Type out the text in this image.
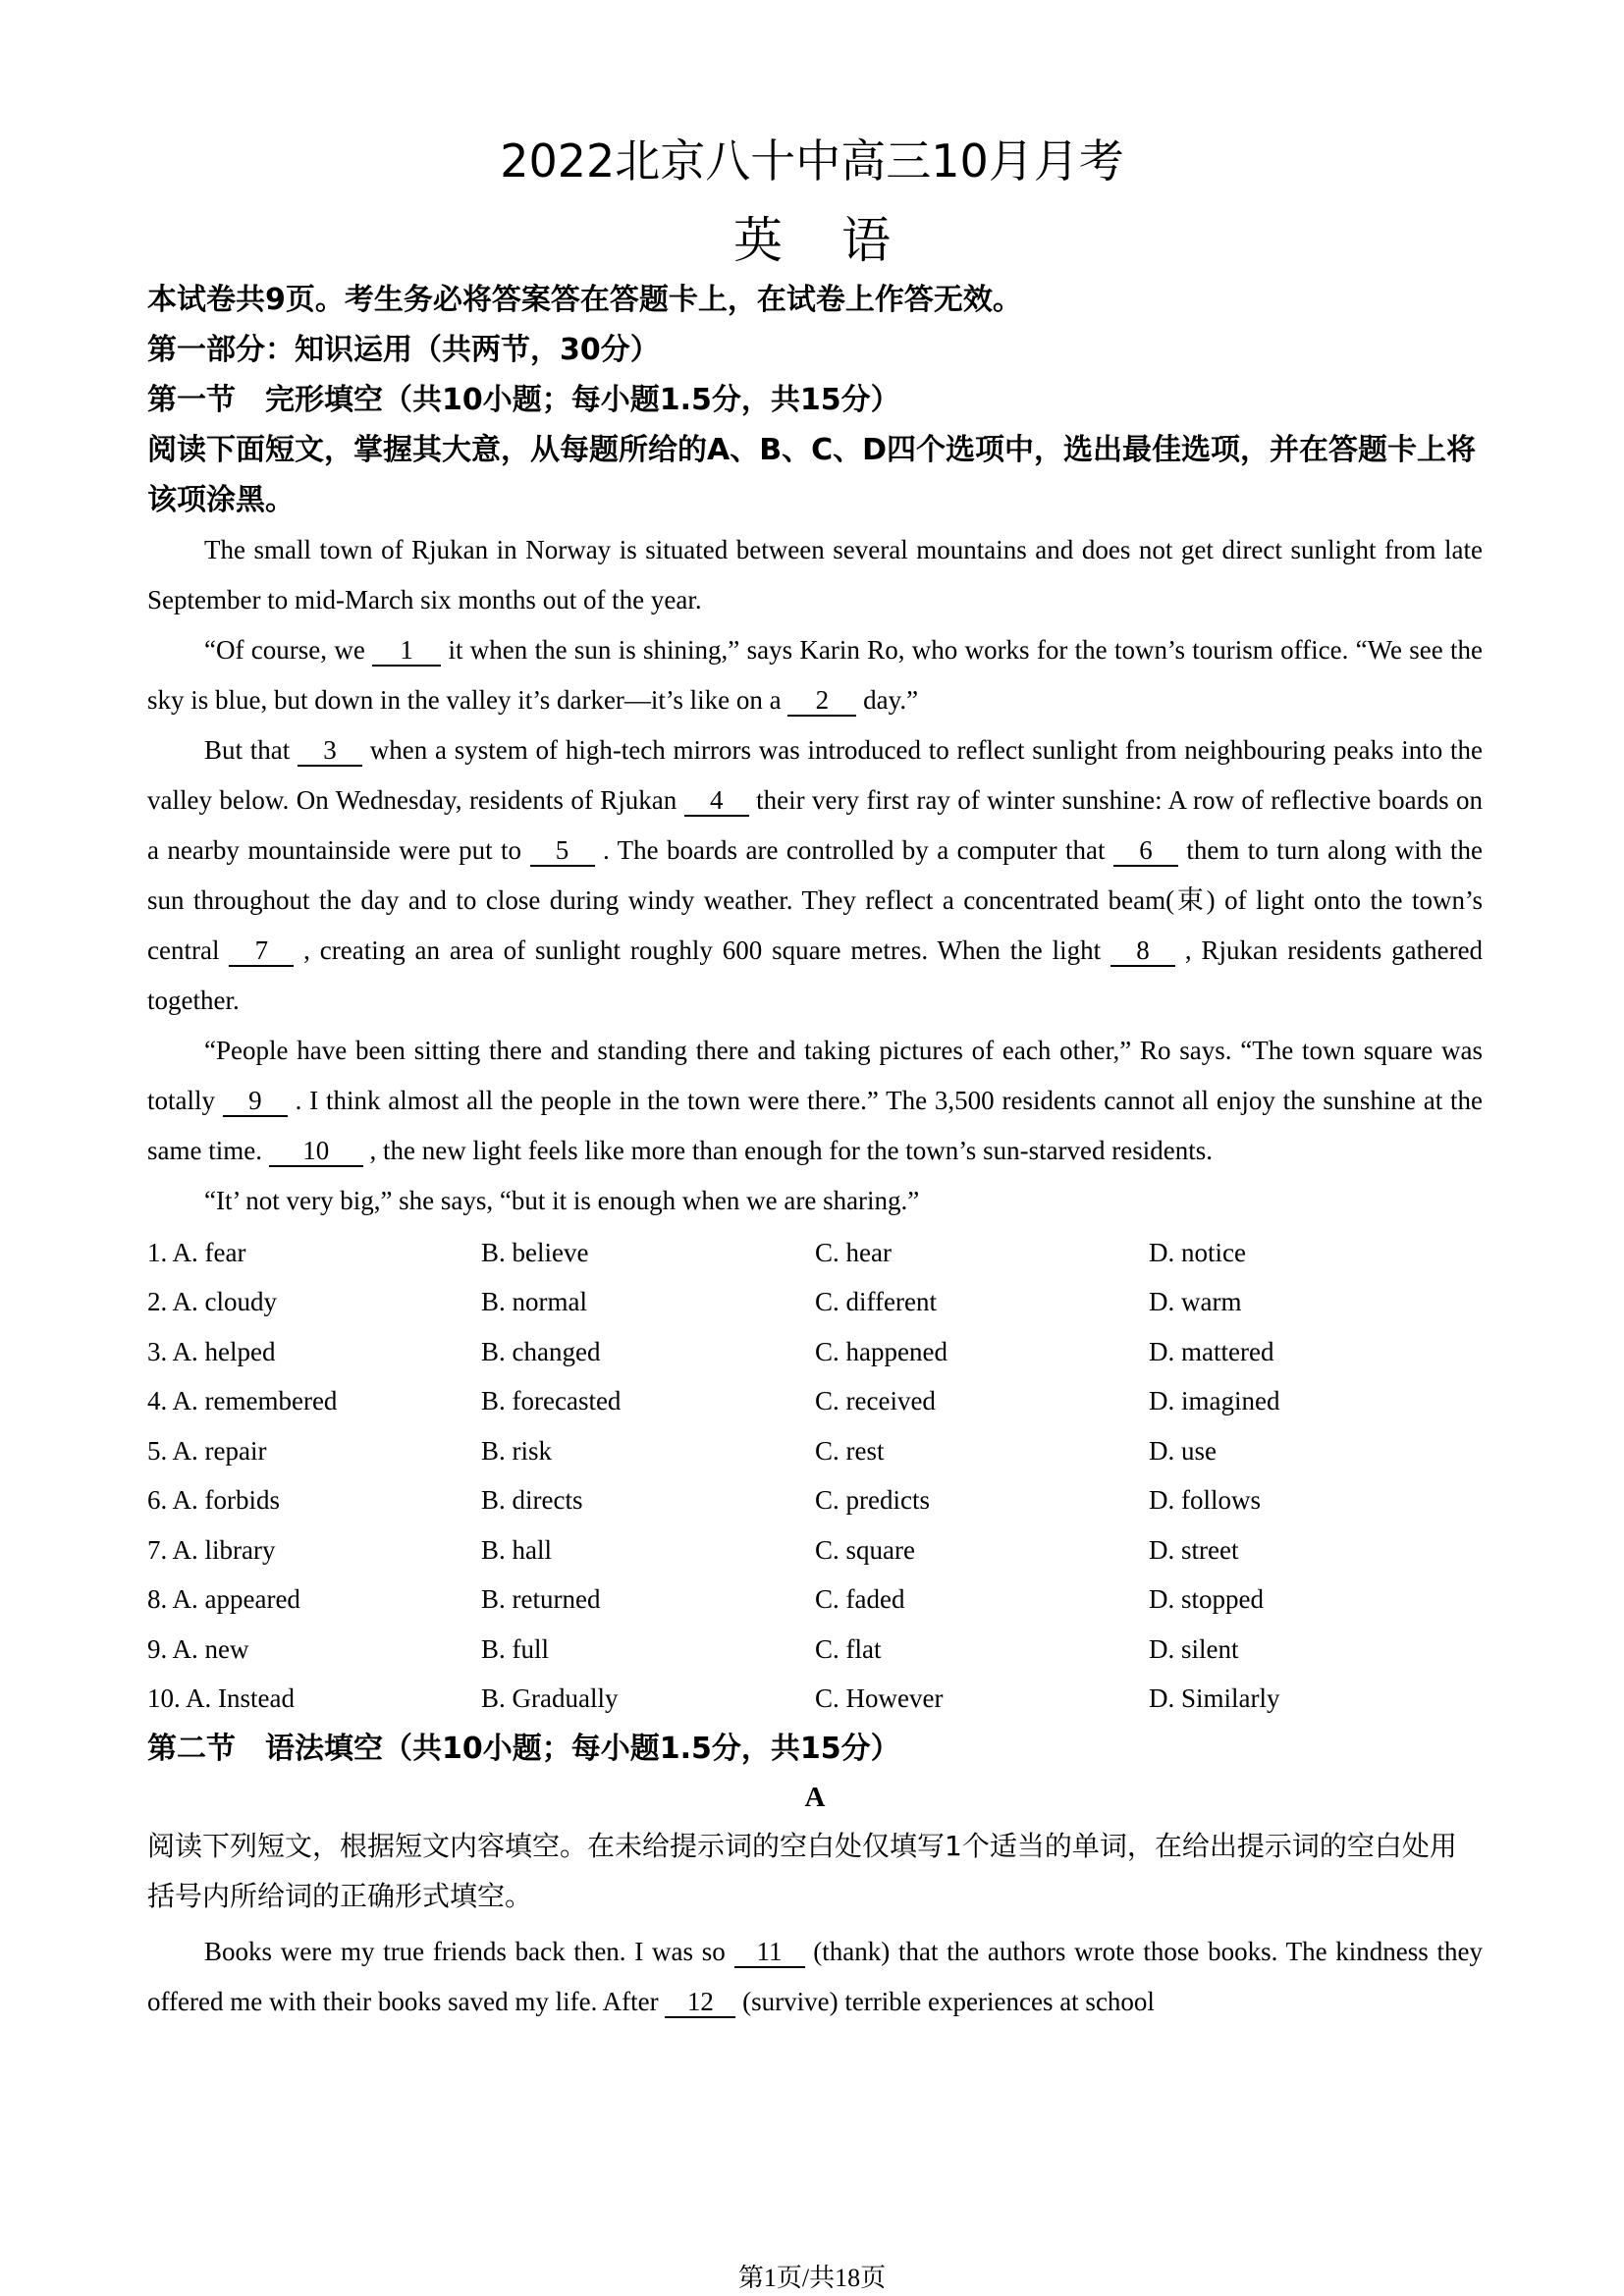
2022北京八十中高三10月月考
英语
本试卷共9页。考生务必将答案答在答题卡上，在试卷上作答无效。
第一部分：知识运用（共两节，30分）
第一节　完形填空（共10小题；每小题1.5分，共15分）
阅读下面短文，掌握其大意，从每题所给的A、B、C、D四个选项中，选出最佳选项，并在答题卡上将该项涂黑。

The small town of Rjukan in Norway is situated between several mountains and does not get direct sunlight from late September to mid-March six months out of the year.

“Of course, we 1 it when the sun is shining,” says Karin Ro, who works for the town’s tourism office. “We see the sky is blue, but down in the valley it’s darker—it’s like on a 2 day.”

But that 3 when a system of high-tech mirrors was introduced to reflect sunlight from neighbouring peaks into the valley below. On Wednesday, residents of Rjukan 4 their very first ray of winter sunshine: A row of reflective boards on a nearby mountainside were put to 5 . The boards are controlled by a computer that 6 them to turn along with the sun throughout the day and to close during windy weather. They reflect a concentrated beam(束) of light onto the town’s central 7 , creating an area of sunlight roughly 600 square metres. When the light 8 , Rjukan residents gathered together.

“People have been sitting there and standing there and taking pictures of each other,” Ro says. “The town square was totally 9 . I think almost all the people in the town were there.” The 3,500 residents cannot all enjoy the sunshine at the same time. 10 , the new light feels like more than enough for the town’s sun-starved residents.

“It’ not very big,” she says, “but it is enough when we are sharing.”

1. A. fear	B. believe	C. hear	D. notice
2. A. cloudy	B. normal	C. different	D. warm
3. A. helped	B. changed	C. happened	D. mattered
4. A. remembered	B. forecasted	C. received	D. imagined
5. A. repair	B. risk	C. rest	D. use
6. A. forbids	B. directs	C. predicts	D. follows
7. A. library	B. hall	C. square	D. street
8. A. appeared	B. returned	C. faded	D. stopped
9. A. new	B. full	C. flat	D. silent
10. A. Instead	B. Gradually	C. However	D. Similarly
第二节　语法填空（共10小题；每小题1.5分，共15分）
A
阅读下列短文，根据短文内容填空。在未给提示词的空白处仅填写1个适当的单词，在给出提示词的空白处用括号内所给词的正确形式填空。

Books were my true friends back then. I was so 11 (thank) that the authors wrote those books. The kindness they offered me with their books saved my life. After 12 (survive) terrible experiences at school

第1页/共18页
